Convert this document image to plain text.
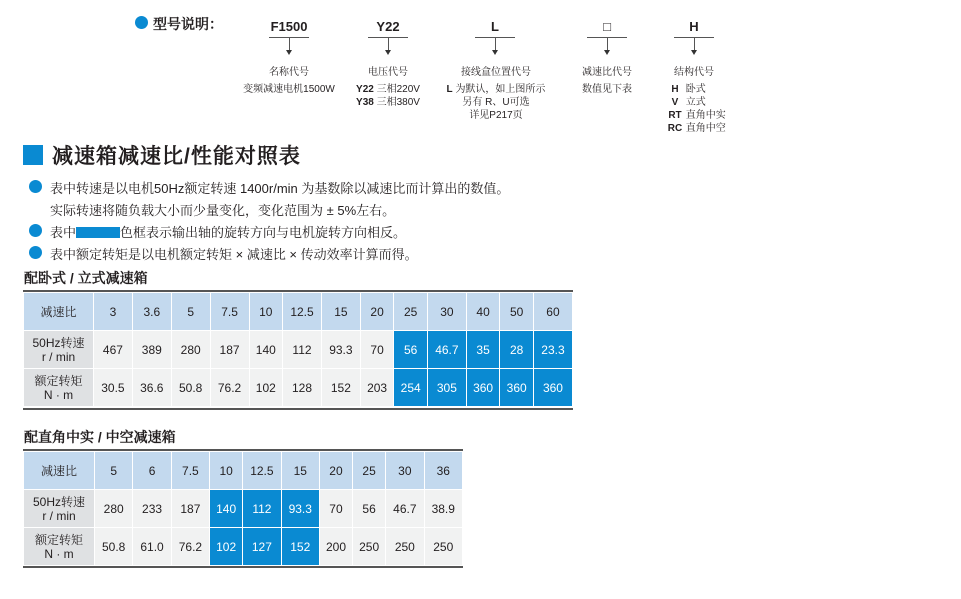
型号说明：	F1500	Y22	L	□	H
名称代号
变频减速电机1500W
电压代号
Y22 三相220V
Y38 三相380V
接线盒位置代号
L 为默认，如上图所示
另有 R、U可选
详见P217页
减速比代号
数值见下表
结构代号
H 卧式
V 立式
RT 直角中实
RC 直角中空
减速箱减速比/性能对照表
表中转速是以电机50Hz额定转速 1400r/min 为基数除以减速比而计算出的数值。
实际转速将随负载大小而少量变化，变化范围为 ± 5%左右。
表中	色框表示输出轴的旋转方向与电机旋转方向相反。
表中额定转矩是以电机额定转矩 × 减速比 × 传动效率计算而得。
配卧式 / 立式减速箱
减速比	3	3.6	5	7.5	10	12.5	15	20	25	30	40	50	60

50Hz转速
r / min	467	389	280	187	140	112	93.3	70	56	46.7	35	28	23.3

额定转矩
N · m	30.5	36.6	50.8	76.2	102	128	152	203	254	305	360	360	360
配直角中实 / 中空减速箱
减速比	5	6	7.5	10	12.5	15	20	25	30	36

50Hz转速
r / min	280	233	187	140	112	93.3	70	56	46.7	38.9

额定转矩
N · m	50.8	61.0	76.2	102	127	152	200	250	250	250
